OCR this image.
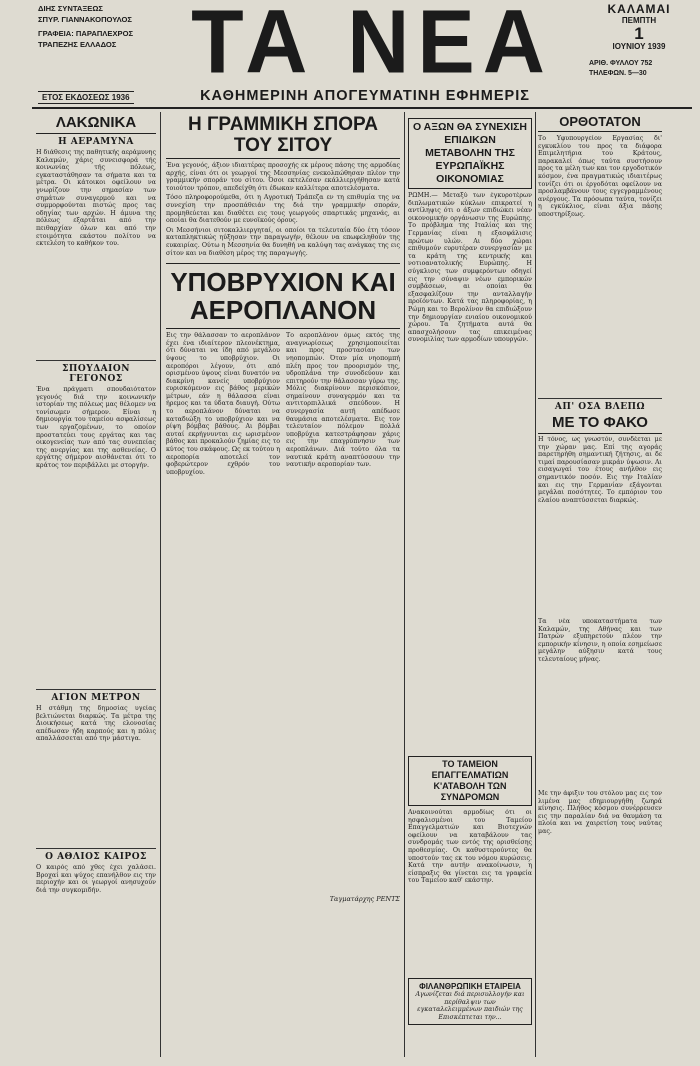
ΔΙΗΣ ΣΥΝΤΑΞΕΩΣ
ΣΠΥΡ. ΓΙΑΝΝΑΚΟΠΟΥΛΟΣ
ΓΡΑΦΕΙΑ: ΠΑΡΑΠΛΕΧΡΟΣ
ΤΡΑΠΕΖΗΣ ΕΛΛΑΔΟΣ ΤΑ ΝΕΑ	ΚΑΛΑΜΑΙ
ΠΕΜΠΤΗ
1
ΙΟΥΝΙΟΥ 1939
ΑΡΙΘ. ΦΥΛΛΟΥ 752
ΤΗΛΕΦΩΝ. 5—30
ΕΤΟΣ ΕΚΔΟΣΕΩΣ 1936	ΚΑΘΗΜΕΡΙΝΗ ΑΠΟΓΕΥΜΑΤΙΝΗ ΕΦΗΜΕΡΙΣ
ΛΑΚΩΝΙΚΑ
Η ΑΕΡΑΜΥΝΑ
Η διάθεσις της παθητικής αεράμυνης Καλαμών, χάρις συνεισφορά τής κοινωνίας τής πόλεως, εγκαταστάθησαν τα σήματα και τα μέτρα. Οι κάτοικοι οφείλουν να γνωρίζουν την σημασίαν των σημάτων συναγερμού και να συμμορφούνται πιστώς προς τας οδηγίας των αρχών. Η άμυνα της πόλεως εξαρτάται από την πειθαρχίαν όλων και από την ετοιμότητα εκάστου πολίτου να εκτελέση το καθήκον του.
ΣΠΟΥΔΑΙΟΝ ΓΕΓΟΝΟΣ
Ένα πράγματι σπουδαιότατον γεγονός διά την κοινωνικήν ιστορίαν της πόλεως μας θέλομεν να τονίσωμεν σήμερον. Είναι η δημιουργία του ταμείου ασφαλίσεως των εργαζομένων, το οποίον προστατεύει τους εργάτας και τας οικογενείας των από τας συνεπείας της ανεργίας και της ασθενείας. Ο εργάτης σήμερον αισθάνεται ότι το κράτος τον περιβάλλει με στοργήν.
ΑΓΙΟΝ ΜΕΤΡΟΝ
Η στάθμη της δημοσίας υγείας βελτιώνεται διαρκώς. Τα μέτρα της Διοικήσεως κατά της ελονοσίας απέδωσαν ήδη καρπούς και η πόλις απαλλάσσεται από την μάστιγα.
Ο ΑΘΛΙΟΣ ΚΑΙΡΟΣ
Ο καιρός από χθες έχει χαλάσει. Βροχαί και ψύχος επανήλθον εις την περιοχήν και οι γεωργοί ανησυχούν διά την συγκομιδήν.
Η ΓΡΑΜΜΙΚΗ ΣΠΟΡΑ ΤΟΥ ΣΙΤΟΥ
Ένα γεγονός, άξιον ιδιαιτέρας προσοχής εκ μέρους πάσης της αρμοδίας αρχής, είναι ότι οι γεωργοί της Μεσσηνίας ενεκολπώθησαν πλέον την γραμμικήν σποράν του σίτου. Όσοι εκτελέσαν εκάλλιεργήθησαν κατά τοιούτον τρόπον, απεδείχθη ότι έδωκαν καλλίτερα αποτελέσματα.
Τόσο πληροφορούμεθα, ότι η Αγροτική Τράπεζα εν τη επιθυμία της να συνεχίση την προσπάθειάν της διά την γραμμικήν σποράν, προμηθεύεται και διαθέτει εις τους γεωργούς σπαρτικάς μηχανάς, αι οποίαι θα διατεθούν με ευνοϊκούς όρους.
Οι Μεσσήνιοι σιτοκαλλιεργηταί, οι οποίοι τα τελευταία δύο έτη τόσον καταπληκτικώς ηύξησαν την παραγωγήν, θέλουν να επωφεληθούν της ευκαιρίας. Ούτω η Μεσσηνία θα δυνηθή να καλύψη τας ανάγκας της εις σίτον και να διαθέση μέρος της παραγωγής.
ΥΠΟΒΡΥΧΙΟΝ ΚΑΙ ΑΕΡΟΠΛΑΝΟΝ
Εις την θάλασσαν το αεροπλάνον έχει ένα ιδιαίτερον πλεονέκτημα, ότι δύναται να ίδη από μεγάλου ύψους το υποβρύχιον. Οι αεροπόροι λέγουν, ότι από ορισμένου ύψους είναι δυνατόν να διακρίνη κανείς υποβρύχιον ευρισκόμενον εις βάθος μερικών μέτρων, εάν η θάλασσα είναι ήρεμος και τα ύδατα διαυγή. Ούτω το αεροπλάνον δύναται να καταδιώξη το υποβρύχιον και να ρίψη βόμβας βάθους. Αι βόμβαι αυταί εκρήγνυνται εις ωρισμένον βάθος και προκαλούν ζημίας εις το κύτος του σκάφους. Ως εκ τούτου η αεροπορία αποτελεί τον φοβερώτερον εχθρόν του υποβρυχίου.
Το αεροπλάνον όμως εκτός της αναγνωρίσεως χρησιμοποιείται και προς προστασίαν των νηοπομπών. Όταν μία νηοπομπή πλέη προς τον προορισμόν της, υδροπλάνα την συνοδεύουν και επιτηρούν την θάλασσαν γύρω της. Μόλις διακρίνουν περισκόπιον, σημαίνουν συναγερμόν και τα αντιτορπιλλικά σπεύδουν. Η συνεργασία αυτή απέδωσε θαυμάσια αποτελέσματα. Εις τον τελευταίον πόλεμον πολλά υποβρύχια κατεστράφησαν χάρις εις την επαγρύπνησιν των αεροπλάνων. Διά τούτο όλα τα ναυτικά κράτη αναπτύσσουν την ναυτικήν αεροπορίαν των.
Ταγματάρχης ΡΕΝΤΣ
Ο ΑΞΩΝ ΘΑ ΣΥΝΕΧΙΣΗ ΕΠΙΔΙΚΩΝ ΜΕΤΑΒΟΛΗΝ ΤΗΣ ΕΥΡΩΠΑΪΚΗΣ ΟΙΚΟΝΟΜΙΑΣ
ΡΩΜΗ.— Μεταξύ των έγκυροτέρων διπλωματικών κύκλων επικρατεί η αντίληψις ότι ο άξων επιδιώκει νέαν οικονομικήν οργάνωσιν της Ευρώπης. Το πρόβλημα της Ιταλίας και της Γερμανίας είναι η εξασφάλισις πρώτων υλών. Αι δύο χώραι επιθυμούν ευρυτέραν συνεργασίαν με τα κράτη της κεντρικής και νοτιοανατολικής Ευρώπης. Η σύγκλισις των συμφερόντων οδηγεί εις την σύναψιν νέων εμπορικών συμβάσεων, αι οποίαι θα εξασφαλίζουν την ανταλλαγήν προϊόντων. Κατά τας πληροφορίας, η Ρώμη και το Βερολίνον θα επιδιώξουν την δημιουργίαν ενιαίου οικονομικού χώρου. Τα ζητήματα αυτά θα απασχολήσουν τας επικειμένας συνομιλίας των αρμοδίων υπουργών.
ΤΟ ΤΑΜΕΙΟΝ ΕΠΑΓΓΕΛΜΑΤΙΩΝ Κ'ΑΤΑΒΟΛΗ ΤΩΝ ΣΥΝΔΡΟΜΩΝ
Ανακοινούται αρμοδίως ότι οι ησφαλισμένοι του Ταμείου Επαγγελματιών και Βιοτεχνών οφείλουν να καταβάλουν τας συνδρομάς των εντός της ορισθείσης προθεσμίας. Οι καθυστερούντες θα υποστούν τας εκ του νόμου κυρώσεις. Κατά την αυτήν ανακοίνωσιν, η είσπραξις θα γίνεται εις τα γραφεία του Ταμείου καθ' εκάστην.
ΦΙΛΑΝΘΡΩΠΙΚΗ ΕΤΑΙΡΕΙΑ
Αγωνίζεται διά περισυλλογήν και περίθαλψιν των εγκαταλελειμμένων παιδιών της Επισκέπτεται την...
ΟΡΘΟΤΑΤΟΝ
Το Υφυπουργείον Εργασίας δι' εγκυκλίου του προς τα διάφορα Επιμελητήρια του Κράτους, παρακαλεί όπως ταύτα συστήσουν προς τα μέλη των και τον εργοδοτικόν κόσμον, ένα πραγματικώς ιδιαιτέρως τονίζει ότι οι έργοδόται οφείλουν να προσλαμβάνουν τους εγγεγραμμένους ανέργους. Τα πρόσωπα ταύτα, τονίζει η εγκύκλιος, είναι άξια πάσης υποστηρίξεως.
ΑΠ' ΟΣΑ ΒΛΕΠΩ
ΜΕ ΤΟ ΦΑΚΟ
Η τόνος, ως γνωστόν, συνδέεται με την χώραν μας. Επί της αγοράς παρετηρήθη σημαντική ζήτησις, αι δε τιμαί παρουσίασαν μικράν ύψωσιν. Αι εισαγωγαί του έτους ανήλθον εις σημαντικόν ποσόν. Εις την Ιταλίαν και εις την Γερμανίαν εξάγονται μεγάλαι ποσότητες. Το εμπόριον του ελαίου αναπτύσσεται διαρκώς.
Τα νέα υποκαταστήματα των Καλαμών, της Αθήνας και των Πατρών εξυπηρετούν πλέον την εμπορικήν κίνησιν, η οποία εσημείωσε μεγάλην αύξησιν κατά τους τελευταίους μήνας.
Με την άφιξιν του στόλου μας εις τον λιμένα μας εδημιουργήθη ζωηρά κίνησις. Πλήθος κόσμου συνέρρευσεν εις την παραλίαν διά να θαυμάση τα πλοία και να χαιρετίση τους ναύτας μας.
